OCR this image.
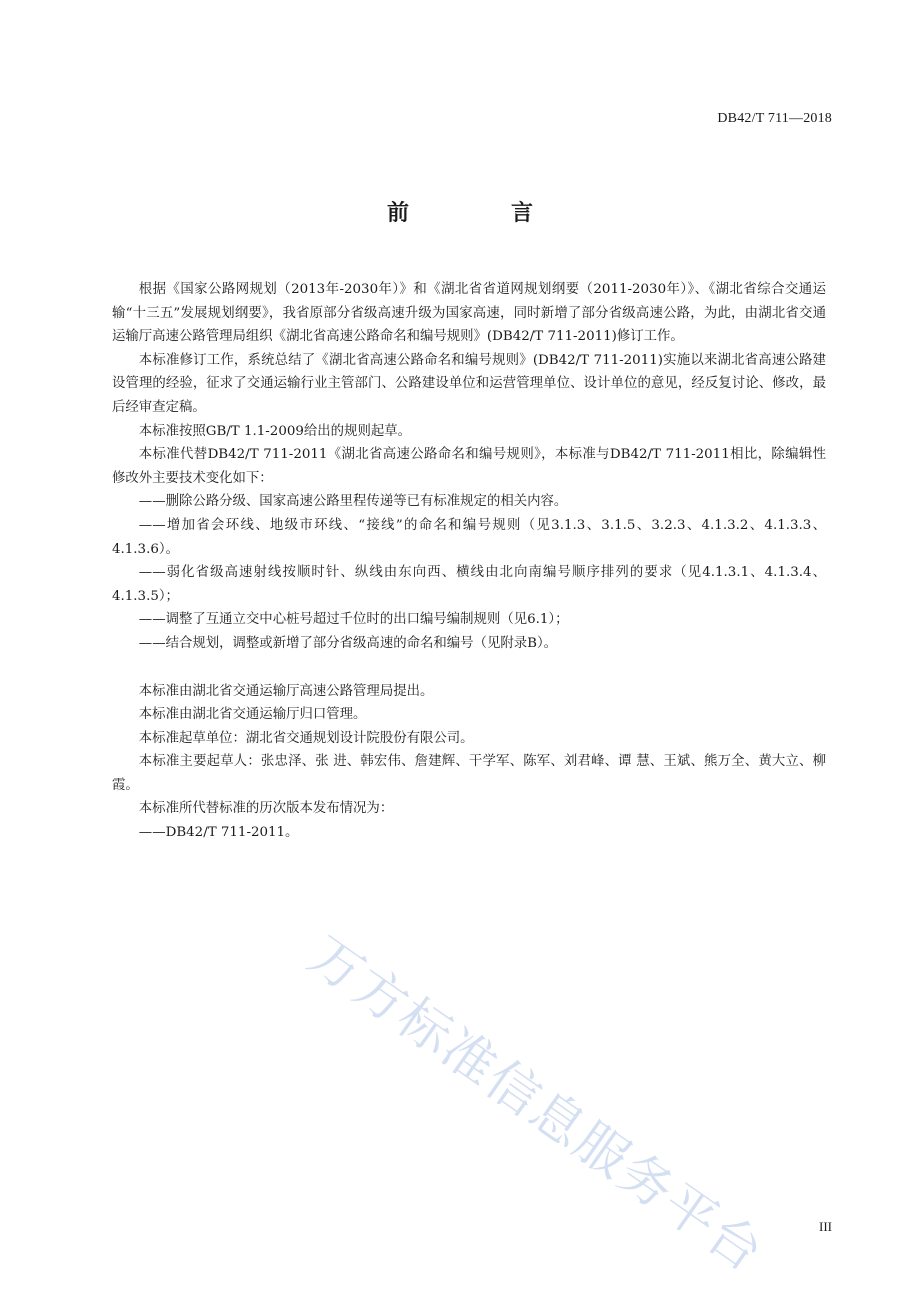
DB42/T 711—2018
前　言

根据《国家公路网规划（2013年-2030年）》和《湖北省省道网规划纲要（2011-2030年）》、《湖北省综合交通运输“十三五”发展规划纲要》，我省原部分省级高速升级为国家高速，同时新增了部分省级高速公路，为此，由湖北省交通运输厅高速公路管理局组织《湖北省高速公路命名和编号规则》(DB42/T 711-2011)修订工作。

本标准修订工作，系统总结了《湖北省高速公路命名和编号规则》(DB42/T 711-2011)实施以来湖北省高速公路建设管理的经验，征求了交通运输行业主管部门、公路建设单位和运营管理单位、设计单位的意见，经反复讨论、修改，最后经审查定稿。

本标准按照GB/T 1.1-2009给出的规则起草。

本标准代替DB42/T 711-2011《湖北省高速公路命名和编号规则》，本标准与DB42/T 711-2011相比，除编辑性修改外主要技术变化如下：

——删除公路分级、国家高速公路里程传递等已有标准规定的相关内容。

——增加省会环线、地级市环线、“接线”的命名和编号规则（见3.1.3、3.1.5、3.2.3、4.1.3.2、4.1.3.3、4.1.3.6）。

——弱化省级高速射线按顺时针、纵线由东向西、横线由北向南编号顺序排列的要求（见4.1.3.1、4.1.3.4、4.1.3.5）；

——调整了互通立交中心桩号超过千位时的出口编号编制规则（见6.1）；

——结合规划，调整或新增了部分省级高速的命名和编号（见附录B）。

本标准由湖北省交通运输厅高速公路管理局提出。

本标准由湖北省交通运输厅归口管理。

本标准起草单位：湖北省交通规划设计院股份有限公司。

本标准主要起草人：张忠泽、张 进、韩宏伟、詹建辉、干学军、陈军、刘君峰、谭 慧、王斌、熊万全、黄大立、柳霞。

本标准所代替标准的历次版本发布情况为：

——DB42/T 711-2011。

万方标准信息服务平台	III
